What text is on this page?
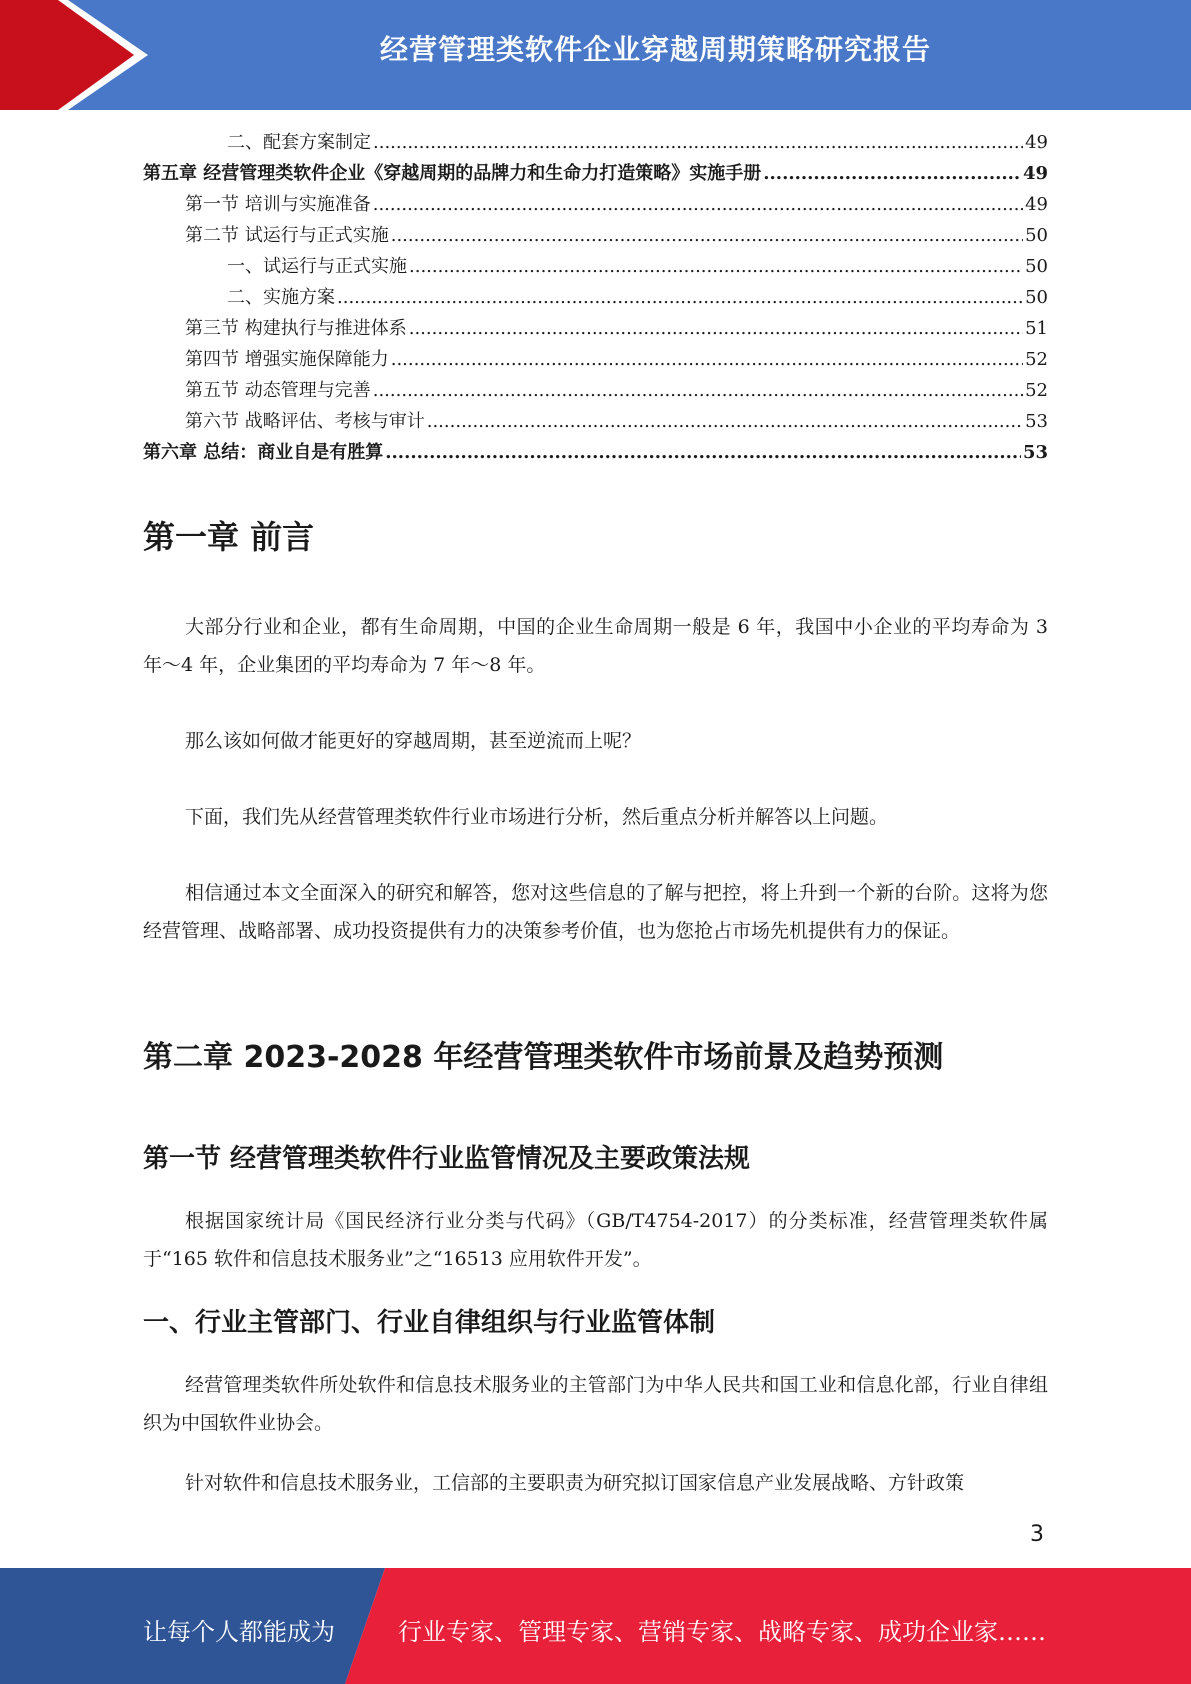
经营管理类软件企业穿越周期策略研究报告
二、配套方案制定 .....	49
第五章 经营管理类软件企业《穿越周期的品牌力和生命力打造策略》实施手册 .....	49
第一节 培训与实施准备 .....	49
第二节 试运行与正式实施 .....	50
一、试运行与正式实施 .....	50
二、实施方案 .....	50
第三节 构建执行与推进体系 .....	51
第四节 增强实施保障能力 .....	52
第五节 动态管理与完善 .....	52
第六节 战略评估、考核与审计 .....	53
第六章 总结：商业自是有胜算 .....	53
第一章 前言

大部分行业和企业，都有生命周期，中国的企业生命周期一般是 6 年，我国中小企业的平均寿命为 3 年～4 年，企业集团的平均寿命为 7 年～8 年。

那么该如何做才能更好的穿越周期，甚至逆流而上呢？

下面，我们先从经营管理类软件行业市场进行分析，然后重点分析并解答以上问题。

相信通过本文全面深入的研究和解答，您对这些信息的了解与把控，将上升到一个新的台阶。这将为您经营管理、战略部署、成功投资提供有力的决策参考价值，也为您抢占市场先机提供有力的保证。

第二章 2023-2028 年经营管理类软件市场前景及趋势预测
第一节 经营管理类软件行业监管情况及主要政策法规

根据国家统计局《国民经济行业分类与代码》（GB/T4754-2017）的分类标准，经营管理类软件属于“165 软件和信息技术服务业”之“16513 应用软件开发”。

一、行业主管部门、行业自律组织与行业监管体制

经营管理类软件所处软件和信息技术服务业的主管部门为中华人民共和国工业和信息化部，行业自律组织为中国软件业协会。

针对软件和信息技术服务业，工信部的主要职责为研究拟订国家信息产业发展战略、方针政策

3
让每个人都能成为	行业专家、管理专家、营销专家、战略专家、成功企业家……
